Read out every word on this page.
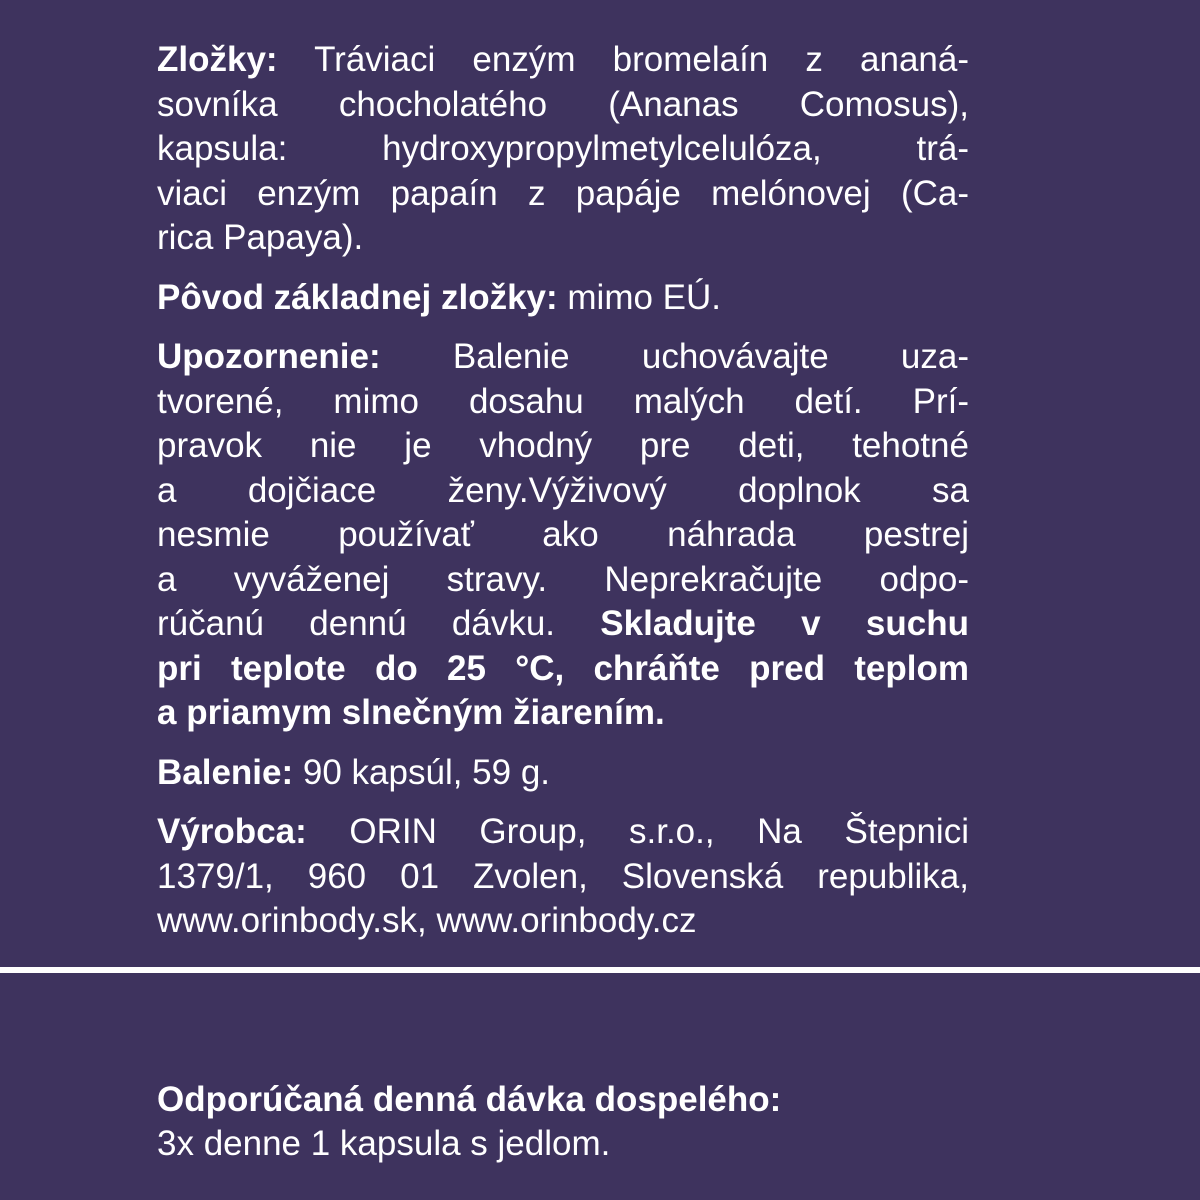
Zložky: Tráviaci enzým bromelaín z ananá-
sovníka chocholatého (Ananas Comosus),
kapsula: hydroxypropylmetylcelulóza, trá-
viaci enzým papaín z papáje melónovej (Ca-
rica Papaya).
Pôvod základnej zložky: mimo EÚ.
Upozornenie: Balenie uchovávajte uza-
tvorené, mimo dosahu malých detí. Prí-
pravok nie je vhodný pre deti, tehotné
a dojčiace ženy.Výživový doplnok sa
nesmie používať ako náhrada pestrej
a vyváženej stravy. Neprekračujte odpo-
rúčanú dennú dávku. Skladujte v suchu
pri teplote do 25 °C, chráňte pred teplom
a priamym slnečným žiarením.
Balenie: 90 kapsúl, 59 g.
Výrobca: ORIN Group, s.r.o., Na Štepnici
1379/1, 960 01 Zvolen, Slovenská republika,
www.orinbody.sk, www.orinbody.cz

Odporúčaná denná dávka dospelého:

3x denne 1 kapsula s jedlom.
